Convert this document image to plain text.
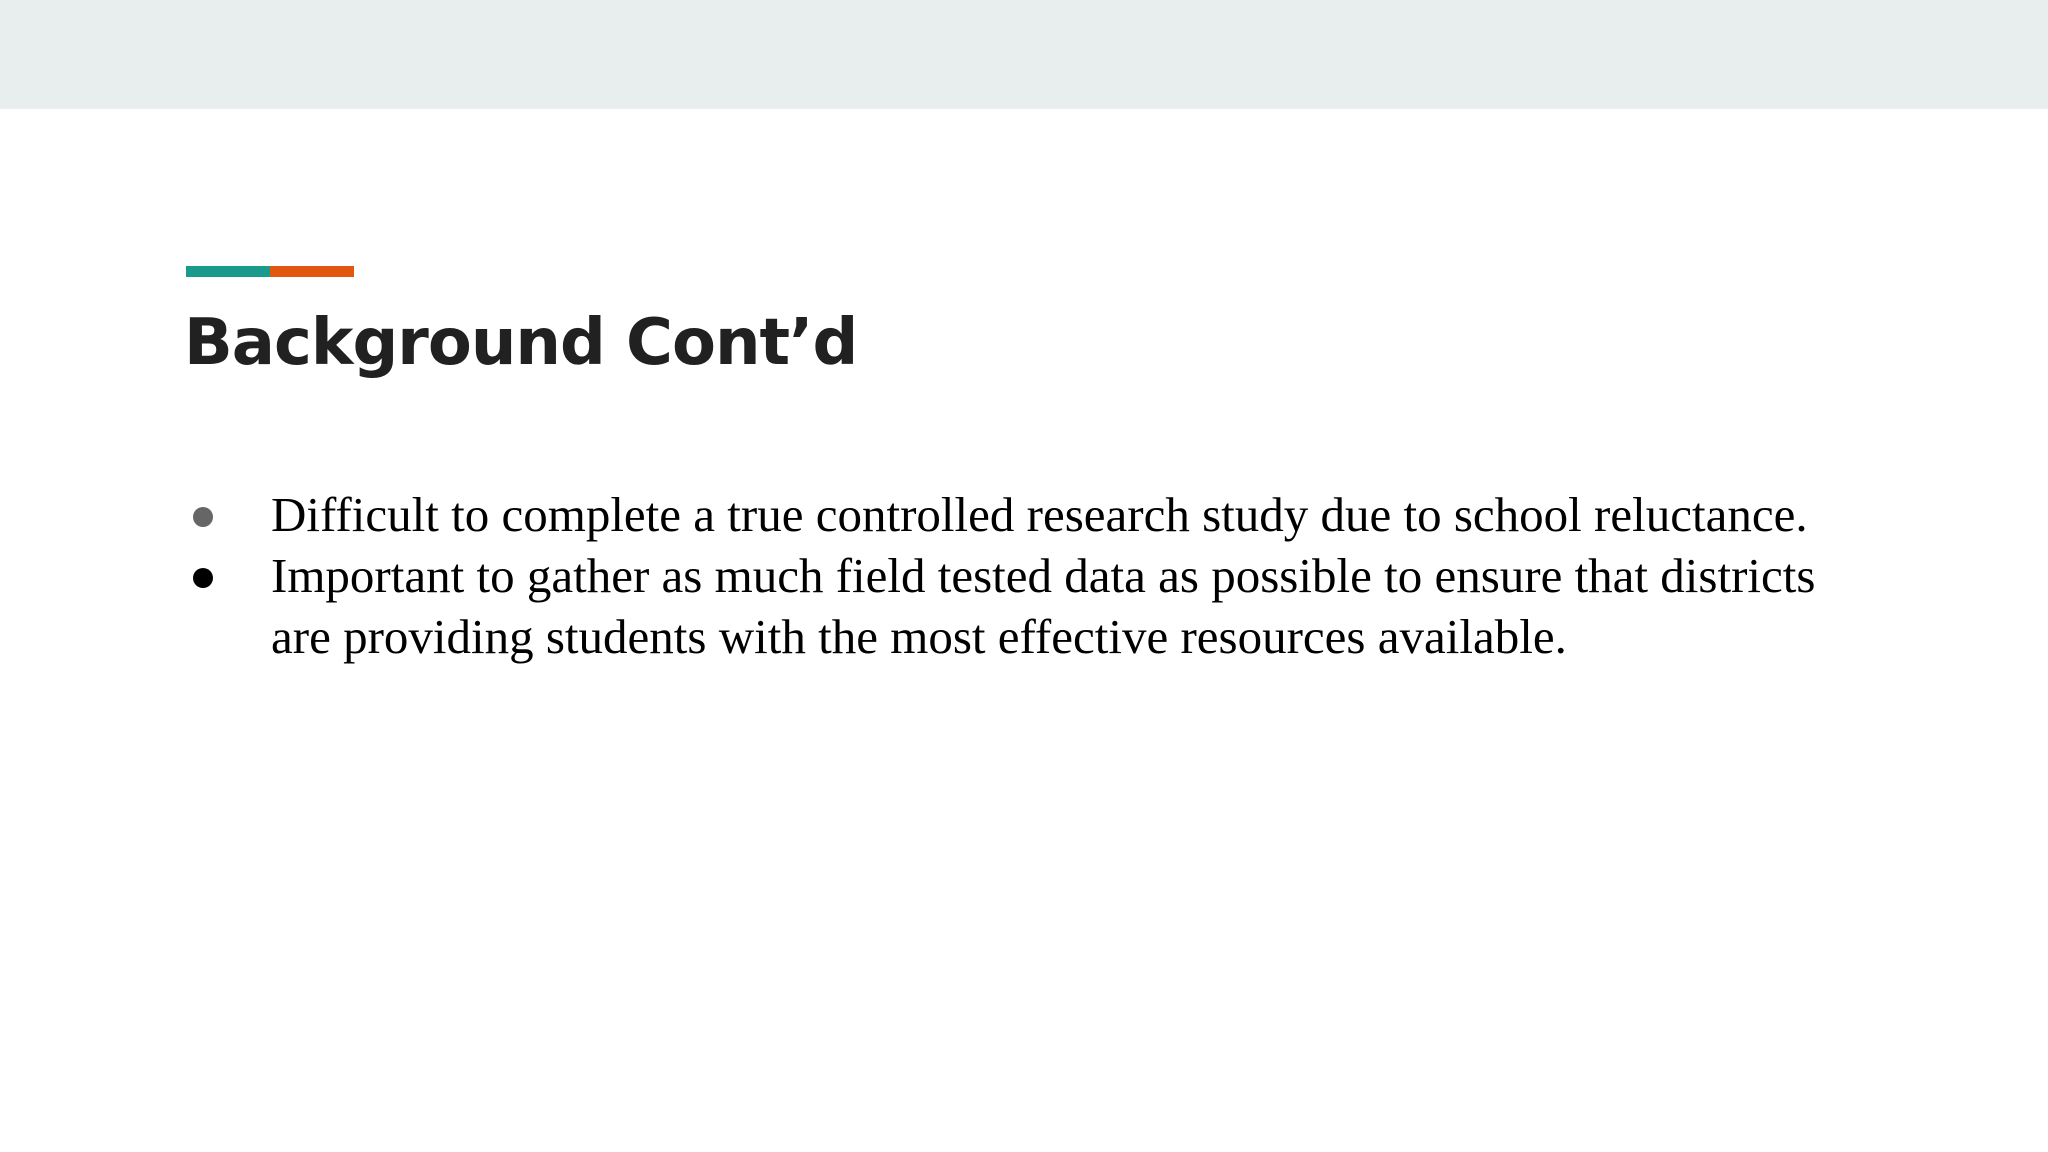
Background Cont’d
Difficult to complete a true controlled research study due to school reluctance.
Important to gather as much field tested data as possible to ensure that districts are providing students with the most effective resources available.
